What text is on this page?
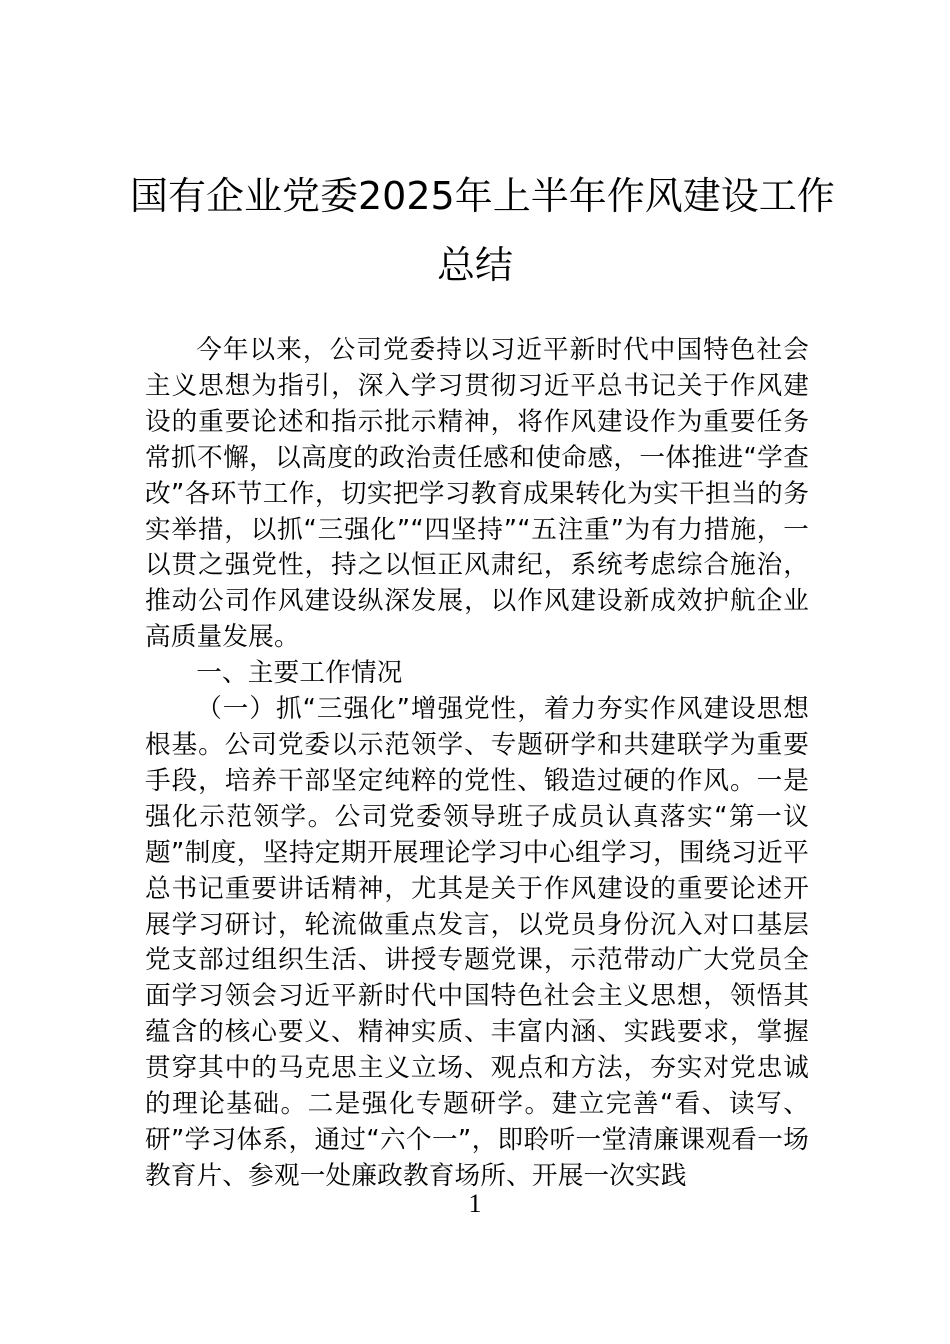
国有企业党委2025年上半年作风建设工作
总结

今年以来，公司党委持以习近平新时代中国特色社会主义思想为指引，深入学习贯彻习近平总书记关于作风建设的重要论述和指示批示精神，将作风建设作为重要任务常抓不懈，以高度的政治责任感和使命感，一体推进“学查改”各环节工作，切实把学习教育成果转化为实干担当的务实举措，以抓“三强化”“四坚持”“五注重”为有力措施，一以贯之强党性，持之以恒正风肃纪，系统考虑综合施治，推动公司作风建设纵深发展，以作风建设新成效护航企业高质量发展。

一、主要工作情况

（一）抓“三强化”增强党性，着力夯实作风建设思想根基。公司党委以示范领学、专题研学和共建联学为重要手段，培养干部坚定纯粹的党性、锻造过硬的作风。一是强化示范领学。公司党委领导班子成员认真落实“第一议题”制度，坚持定期开展理论学习中心组学习，围绕习近平总书记重要讲话精神，尤其是关于作风建设的重要论述开展学习研讨，轮流做重点发言，以党员身份沉入对口基层党支部过组织生活、讲授专题党课，示范带动广大党员全面学习领会习近平新时代中国特色社会主义思想，领悟其蕴含的核心要义、精神实质、丰富内涵、实践要求，掌握贯穿其中的马克思主义立场、观点和方法，夯实对党忠诚的理论基础。二是强化专题研学。建立完善“看、读写、研”学习体系，通过“六个一”，即聆听一堂清廉课观看一场教育片、参观一处廉政教育场所、开展一次实践

1
